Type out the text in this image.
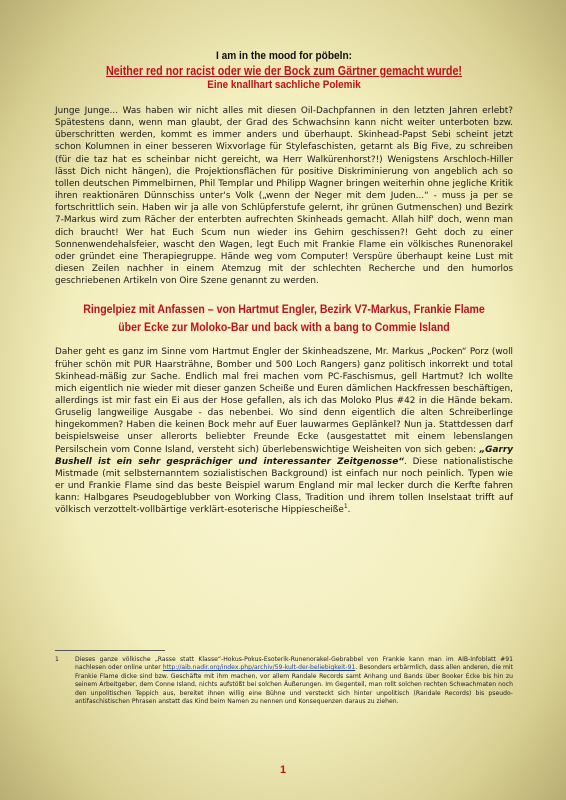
I am in the mood for pöbeln:

Neither red nor racist oder wie der Bock zum Gärtner gemacht wurde!

Eine knallhart sachliche Polemik

Junge Junge... Was haben wir nicht alles mit diesen Oil-Dachpfannen in den letzten Jahren erlebt? Spätestens dann, wenn man glaubt, der Grad des Schwachsinn kann nicht weiter unterboten bzw. überschritten werden, kommt es immer anders und überhaupt. Skinhead-Papst Sebi scheint jetzt schon Kolumnen in einer besseren Wixvorlage für Stylefaschisten, getarnt als Big Five, zu schreiben (für die taz hat es scheinbar nicht gereicht, wa Herr Walkürenhorst?!) Wenigstens Arschloch-Hiller lässt Dich nicht hängen), die Projektionsflächen für positive Diskriminierung von angeblich ach so tollen deutschen Pimmelbirnen, Phil Templar und Philipp Wagner bringen weiterhin ohne jegliche Kritik ihren reaktionären Dünnschiss unter's Volk („wenn der Neger mit dem Juden...“ - muss ja per se fortschrittlich sein. Haben wir ja alle von Schlüpferstufe gelernt, ihr grünen Gutmenschen) und Bezirk 7-Markus wird zum Rächer der enterbten aufrechten Skinheads gemacht. Allah hilf' doch, wenn man dich braucht! Wer hat Euch Scum nun wieder ins Gehirn geschissen?! Geht doch zu einer Sonnenwendehalsfeier, wascht den Wagen, legt Euch mit Frankie Flame ein völkisches Runenorakel oder gründet eine Therapiegruppe. Hände weg vom Computer! Verspüre überhaupt keine Lust mit diesen Zeilen nachher in einem Atemzug mit der schlechten Recherche und den humorlos geschriebenen Artikeln von Oire Szene genannt zu werden.

Ringelpiez mit Anfassen – von Hartmut Engler, Bezirk V7-Markus, Frankie Flame über Ecke zur Moloko-Bar und back with a bang to Commie Island

Daher geht es ganz im Sinne vom Hartmut Engler der Skinheadszene, Mr. Markus „Pocken“ Porz (woll früher schön mit PUR Haarsträhne, Bomber und 500 Loch Rangers) ganz politisch inkorrekt und total Skinhead-mäßig zur Sache. Endlich mal frei machen vom PC-Faschismus, gell Hartmut? Ich wollte mich eigentlich nie wieder mit dieser ganzen Scheiße und Euren dämlichen Hackfressen beschäftigen, allerdings ist mir fast ein Ei aus der Hose gefallen, als ich das Moloko Plus #42 in die Hände bekam. Gruselig langweilige Ausgabe - das nebenbei. Wo sind denn eigentlich die alten Schreiberlinge hingekommen? Haben die keinen Bock mehr auf Euer lauwarmes Geplänkel? Nun ja. Stattdessen darf beispielsweise unser allerorts beliebter Freunde Ecke (ausgestattet mit einem lebenslangen Persilschein vom Conne Island, versteht sich) überlebenswichtige Weisheiten von sich geben: „Garry Bushell ist ein sehr gesprächiger und interessanter Zeitgenosse“. Diese nationalistische Mistmade (mit selbsternanntem sozialistischen Background) ist einfach nur noch peinlich. Typen wie er und Frankie Flame sind das beste Beispiel warum England mir mal lecker durch die Kerfte fahren kann: Halbgares Pseudogeblubber von Working Class, Tradition und ihrem tollen Inselstaat trifft auf völkisch verzottelt-vollbärtige verklärt-esoterische Hippiescheiße$^1$.

1	Dieses ganze völkische „Rasse statt Klasse“-Hokus-Pokus-Esoterik-Runenorakel-Gebrabbel von Frankie kann man im AIB-Infoblatt #91 nachlesen oder online unter http://aib.nadir.org/index.php/archiv/59-kult-der-beliebigkeit-91. Besonders erbärmlich, dass allen anderen, die mit Frankie Flame dicke sind bzw. Geschäfte mit ihm machen, vor allem Randale Records samt Anhang und Bands über Booker Ecke bis hin zu seinem Arbeitgeber, dem Conne Island, nichts aufstößt bei solchen Äußerungen. Im Gegenteil, man rollt solchen rechten Schwachmaten noch den unpolitischen Teppich aus, bereitet ihnen willig eine Bühne und versteckt sich hinter unpolitisch (Randale Records) bis pseudo-antifaschistischen Phrasen anstatt das Kind beim Namen zu nennen und Konsequenzen daraus zu ziehen.
1
